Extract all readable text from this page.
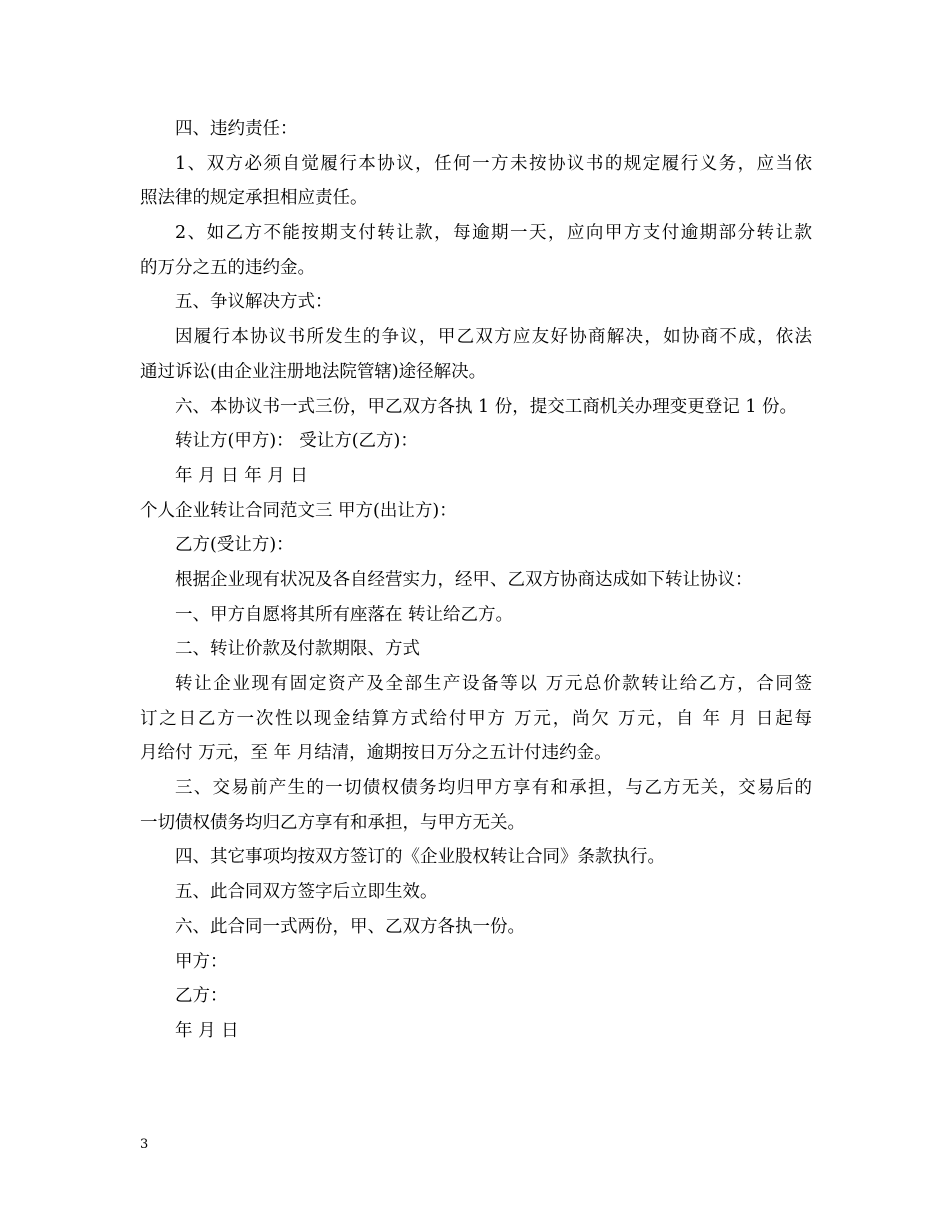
四、违约责任：
1、双方必须自觉履行本协议，任何一方未按协议书的规定履行义务，应当依
照法律的规定承担相应责任。
2、如乙方不能按期支付转让款，每逾期一天，应向甲方支付逾期部分转让款
的万分之五的违约金。
五、争议解决方式：
因履行本协议书所发生的争议，甲乙双方应友好协商解决，如协商不成，依法
通过诉讼(由企业注册地法院管辖)途径解决。
六、本协议书一式三份，甲乙双方各执 1 份，提交工商机关办理变更登记 1 份。
转让方(甲方)： 受让方(乙方)：
年 月 日 年 月 日
个人企业转让合同范文三 甲方(出让方)：
乙方(受让方)：
根据企业现有状况及各自经营实力，经甲、乙双方协商达成如下转让协议：
一、甲方自愿将其所有座落在 转让给乙方。
二、转让价款及付款期限、方式
转让企业现有固定资产及全部生产设备等以 万元总价款转让给乙方，合同签
订之日乙方一次性以现金结算方式给付甲方 万元，尚欠 万元，自 年 月 日起每
月给付 万元，至 年 月结清，逾期按日万分之五计付违约金。
三、交易前产生的一切债权债务均归甲方享有和承担，与乙方无关，交易后的
一切债权债务均归乙方享有和承担，与甲方无关。
四、其它事项均按双方签订的《企业股权转让合同》条款执行。
五、此合同双方签字后立即生效。
六、此合同一式两份，甲、乙双方各执一份。
甲方：
乙方：
年 月 日
3
